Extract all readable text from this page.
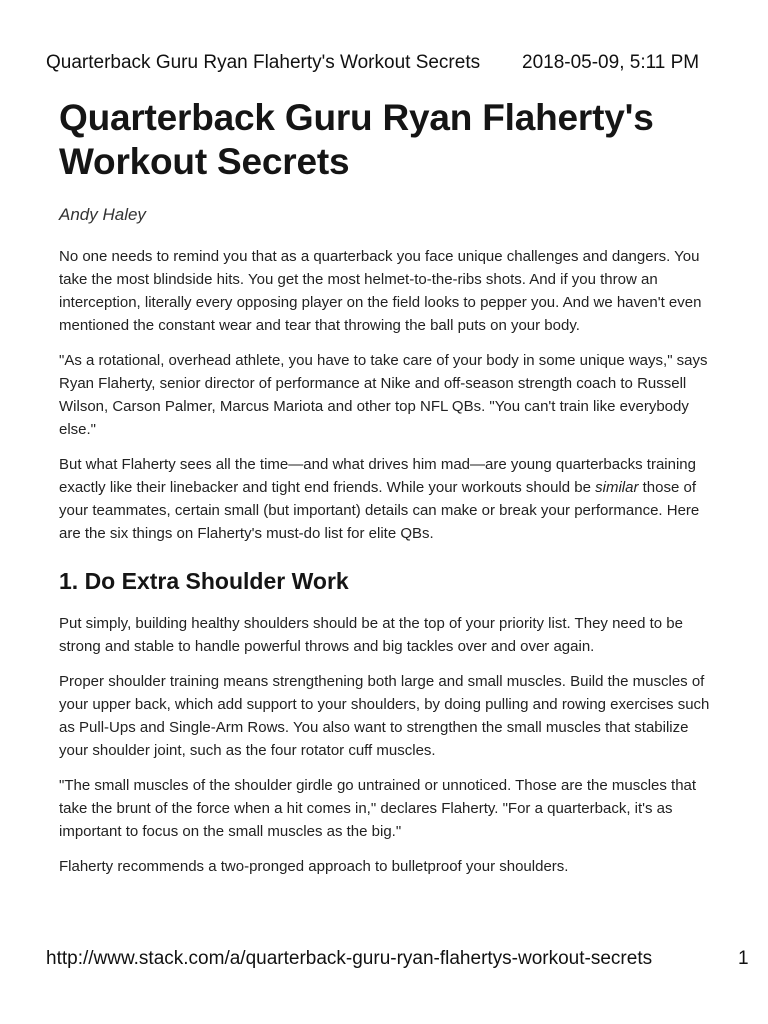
Quarterback Guru Ryan Flaherty's Workout Secrets 2018-05-09, 5:11 PM
Quarterback Guru Ryan Flaherty's Workout Secrets
Andy Haley

No one needs to remind you that as a quarterback you face unique challenges and dangers. You take the most blindside hits. You get the most helmet-to-the-ribs shots. And if you throw an interception, literally every opposing player on the field looks to pepper you. And we haven't even mentioned the constant wear and tear that throwing the ball puts on your body.

"As a rotational, overhead athlete, you have to take care of your body in some unique ways," says Ryan Flaherty, senior director of performance at Nike and off-season strength coach to Russell Wilson, Carson Palmer, Marcus Mariota and other top NFL QBs. "You can't train like everybody else."

But what Flaherty sees all the time—and what drives him mad—are young quarterbacks training exactly like their linebacker and tight end friends. While your workouts should be similar those of your teammates, certain small (but important) details can make or break your performance. Here are the six things on Flaherty's must-do list for elite QBs.

1. Do Extra Shoulder Work

Put simply, building healthy shoulders should be at the top of your priority list. They need to be strong and stable to handle powerful throws and big tackles over and over again.

Proper shoulder training means strengthening both large and small muscles. Build the muscles of your upper back, which add support to your shoulders, by doing pulling and rowing exercises such as Pull-Ups and Single-Arm Rows. You also want to strengthen the small muscles that stabilize your shoulder joint, such as the four rotator cuff muscles.

"The small muscles of the shoulder girdle go untrained or unnoticed. Those are the muscles that take the brunt of the force when a hit comes in," declares Flaherty. "For a quarterback, it's as important to focus on the small muscles as the big."

Flaherty recommends a two-pronged approach to bulletproof your shoulders.

http://www.stack.com/a/quarterback-guru-ryan-flahertys-workout-secrets	1
